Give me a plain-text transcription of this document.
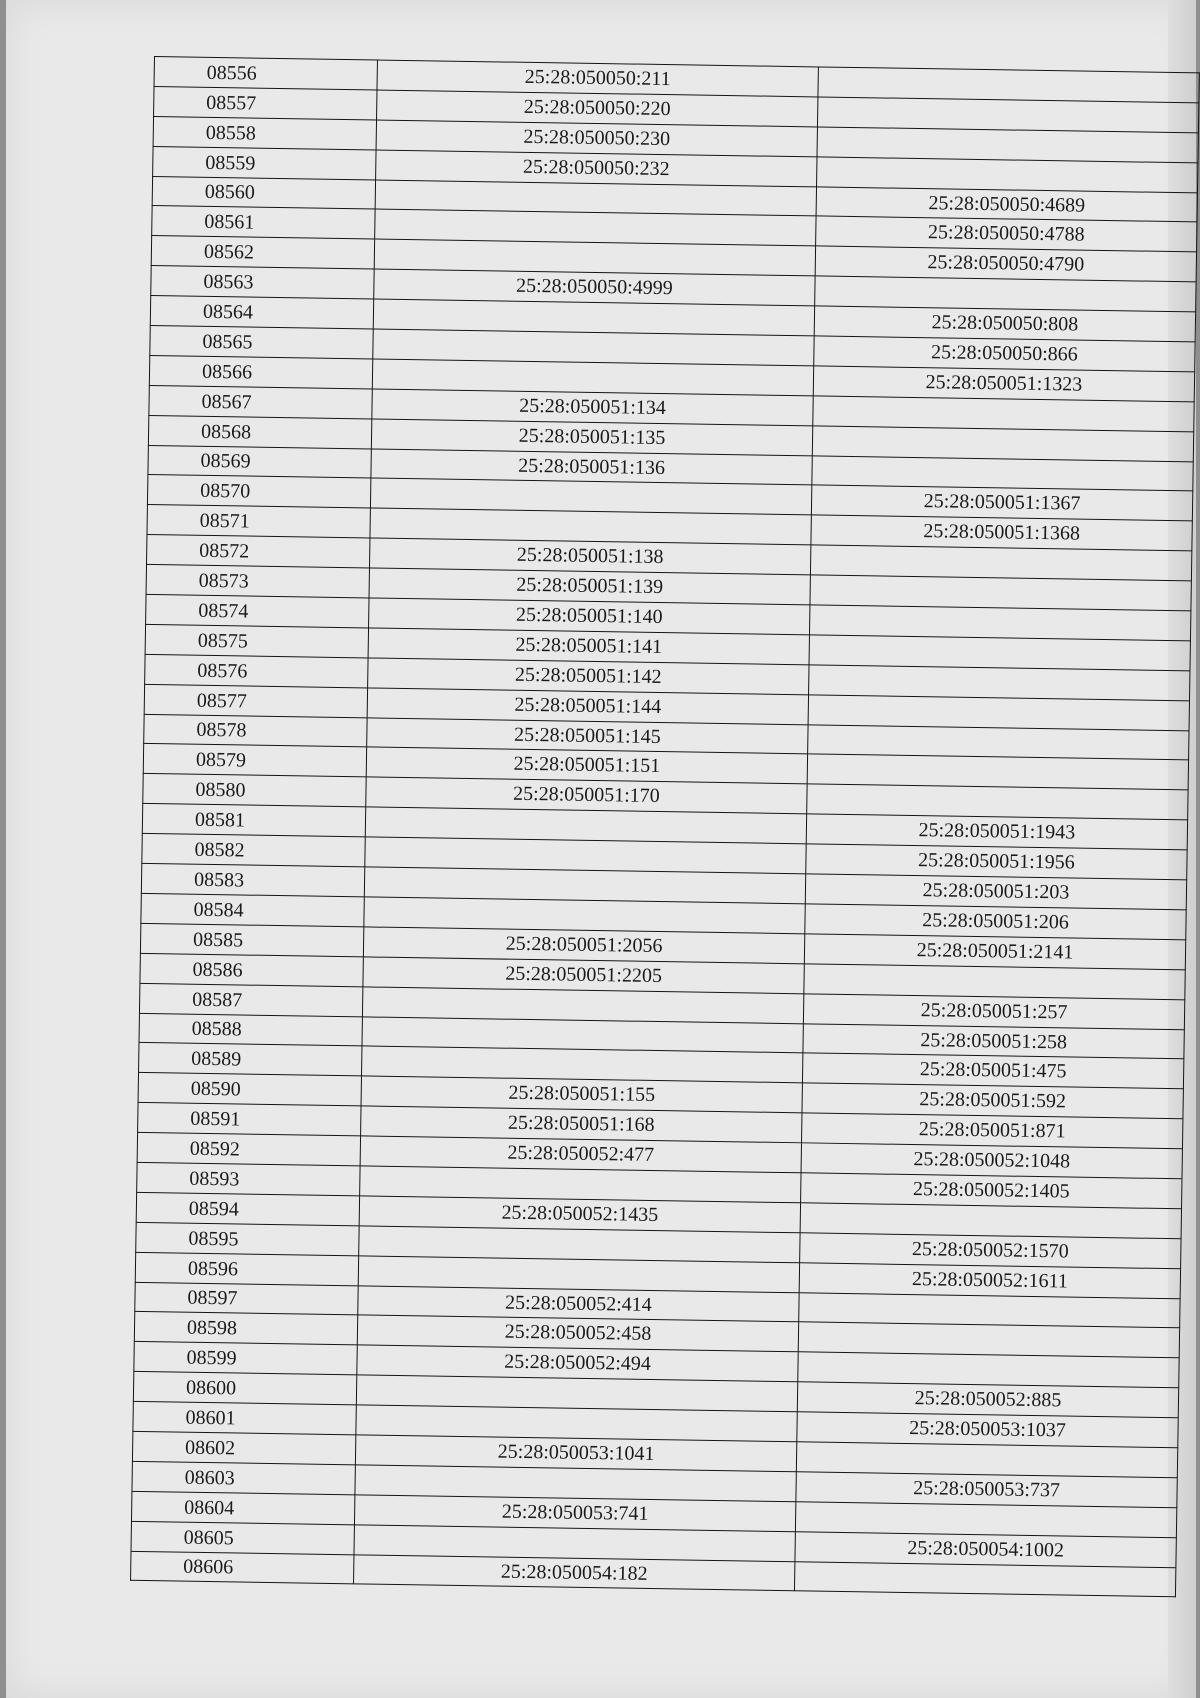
08556	25:28:050050:211	
08557	25:28:050050:220	
08558	25:28:050050:230	
08559	25:28:050050:232	
08560		25:28:050050:4689
08561		25:28:050050:4788
08562		25:28:050050:4790
08563	25:28:050050:4999	
08564		25:28:050050:808
08565		25:28:050050:866
08566		25:28:050051:1323
08567	25:28:050051:134	
08568	25:28:050051:135	
08569	25:28:050051:136	
08570		25:28:050051:1367
08571		25:28:050051:1368
08572	25:28:050051:138	
08573	25:28:050051:139	
08574	25:28:050051:140	
08575	25:28:050051:141	
08576	25:28:050051:142	
08577	25:28:050051:144	
08578	25:28:050051:145	
08579	25:28:050051:151	
08580	25:28:050051:170	
08581		25:28:050051:1943
08582		25:28:050051:1956
08583		25:28:050051:203
08584		25:28:050051:206
08585	25:28:050051:2056	25:28:050051:2141
08586	25:28:050051:2205	
08587		25:28:050051:257
08588		25:28:050051:258
08589		25:28:050051:475
08590	25:28:050051:155	25:28:050051:592
08591	25:28:050051:168	25:28:050051:871
08592	25:28:050052:477	25:28:050052:1048
08593		25:28:050052:1405
08594	25:28:050052:1435	
08595		25:28:050052:1570
08596		25:28:050052:1611
08597	25:28:050052:414	
08598	25:28:050052:458	
08599	25:28:050052:494	
08600		25:28:050052:885
08601		25:28:050053:1037
08602	25:28:050053:1041	
08603		25:28:050053:737
08604	25:28:050053:741	
08605		25:28:050054:1002
08606	25:28:050054:182	
